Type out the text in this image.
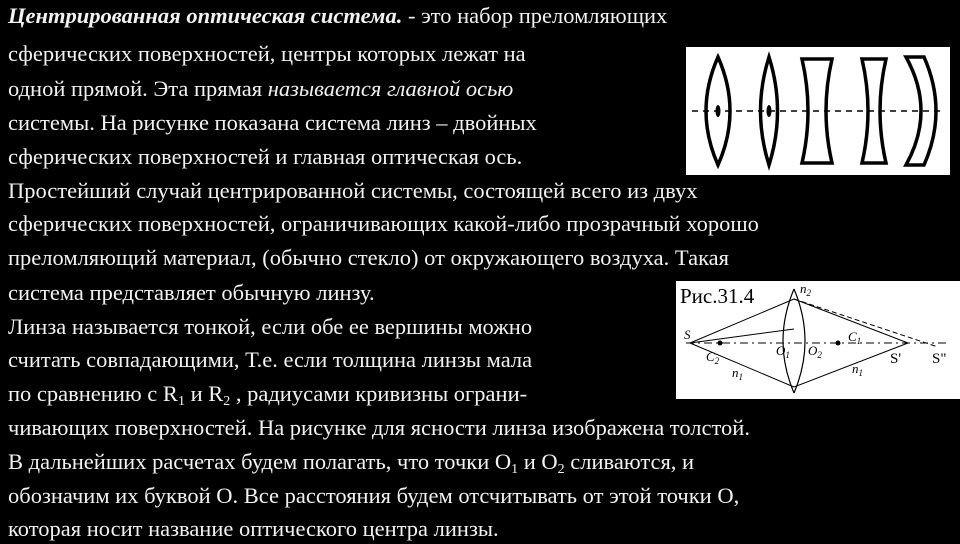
Центрированная оптическая система. - это набор преломляющих
сферических поверхностей, центры которых лежат на
одной прямой. Эта прямая называется главной осью
системы. На рисунке показана система линз – двойных
сферических поверхностей и главная оптическая ось.
Простейший случай центрированной системы, состоящей всего из двух
сферических поверхностей, ограничивающих какой-либо прозрачный хорошо
преломляющий материал, (обычно стекло) от окружающего воздуха. Такая
система представляет обычную линзу.
Линза называется тонкой, если обе ее вершины можно
считать совпадающими, Т.е. если толщина линзы мала
по сравнению с $R_1$ и $R_2$ , радиусами кривизны ограни-
чивающих поверхностей. На рисунке для ясности линза изображена толстой.
В дальнейших расчетах будем полагать, что точки $О_1$ и $О_2$ сливаются, и
обозначим их буквой О. Все расстояния будем отсчитывать от этой точки О,
которая носит название оптического центра линзы.
Рис.31.4	$n_2$
S
$C_2$
$n_1$
$O_1$ $O_2$
$C_1$
$n_1$
S' S"
